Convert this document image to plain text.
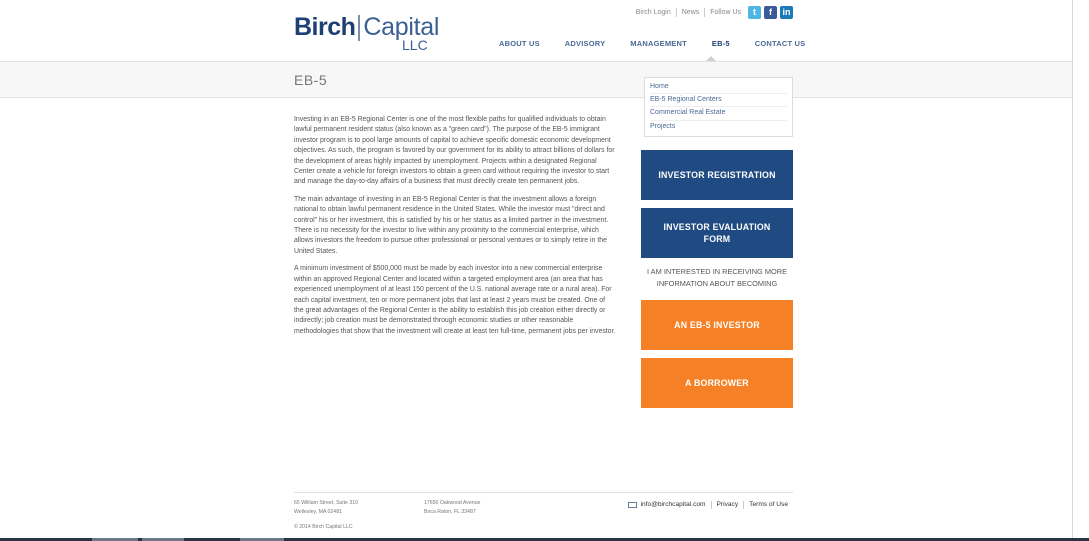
Birch Capital
LLC
Birch Login	News	Follow Us	t	f	in
ABOUT US	ADVISORY	MANAGEMENT	EB-5	CONTACT US
EB-5	Home
EB-5 Regional Centers
Commercial Real Estate
Projects

Investing in an EB-5 Regional Center is one of the most flexible paths for qualified individuals to obtain lawful permanent resident status (also known as a "green card"). The purpose of the EB-5 immigrant investor program is to pool large amounts of capital to achieve specific domestic economic development objectives. As such, the program is favored by our government for its ability to attract billions of dollars for the development of areas highly impacted by unemployment. Projects within a designated Regional Center create a vehicle for foreign investors to obtain a green card without requiring the investor to start and manage the day-to-day affairs of a business that must directly create ten permanent jobs.

The main advantage of investing in an EB-5 Regional Center is that the investment allows a foreign national to obtain lawful permanent residence in the United States. While the investor must "direct and control" his or her investment, this is satisfied by his or her status as a limited partner in the investment. There is no necessity for the investor to live within any proximity to the commercial enterprise, which allows investors the freedom to pursue other professional or personal ventures or to simply retire in the United States.

A minimum investment of $500,000 must be made by each investor into a new commercial enterprise within an approved Regional Center and located within a targeted employment area (an area that has experienced unemployment of at least 150 percent of the U.S. national average rate or a rural area). For each capital investment, ten or more permanent jobs that last at least 2 years must be created. One of the great advantages of the Regional Center is the ability to establish this job creation either directly or indirectly; job creation must be demonstrated through economic studies or other reasonable methodologies that show that the investment will create at least ten full-time, permanent jobs per investor.

INVESTOR REGISTRATION
INVESTOR EVALUATION FORM
I AM INTERESTED IN RECEIVING MORE INFORMATION ABOUT BECOMING
AN EB-5 INVESTOR
A BORROWER
65 William Street, Suite 310
Wellesley, MA 02481
17650 Oakwood Avenue
Boca Raton, FL 33487
© 2014 Birch Capital LLC
info@birchcapital.com	Privacy	Terms of Use
